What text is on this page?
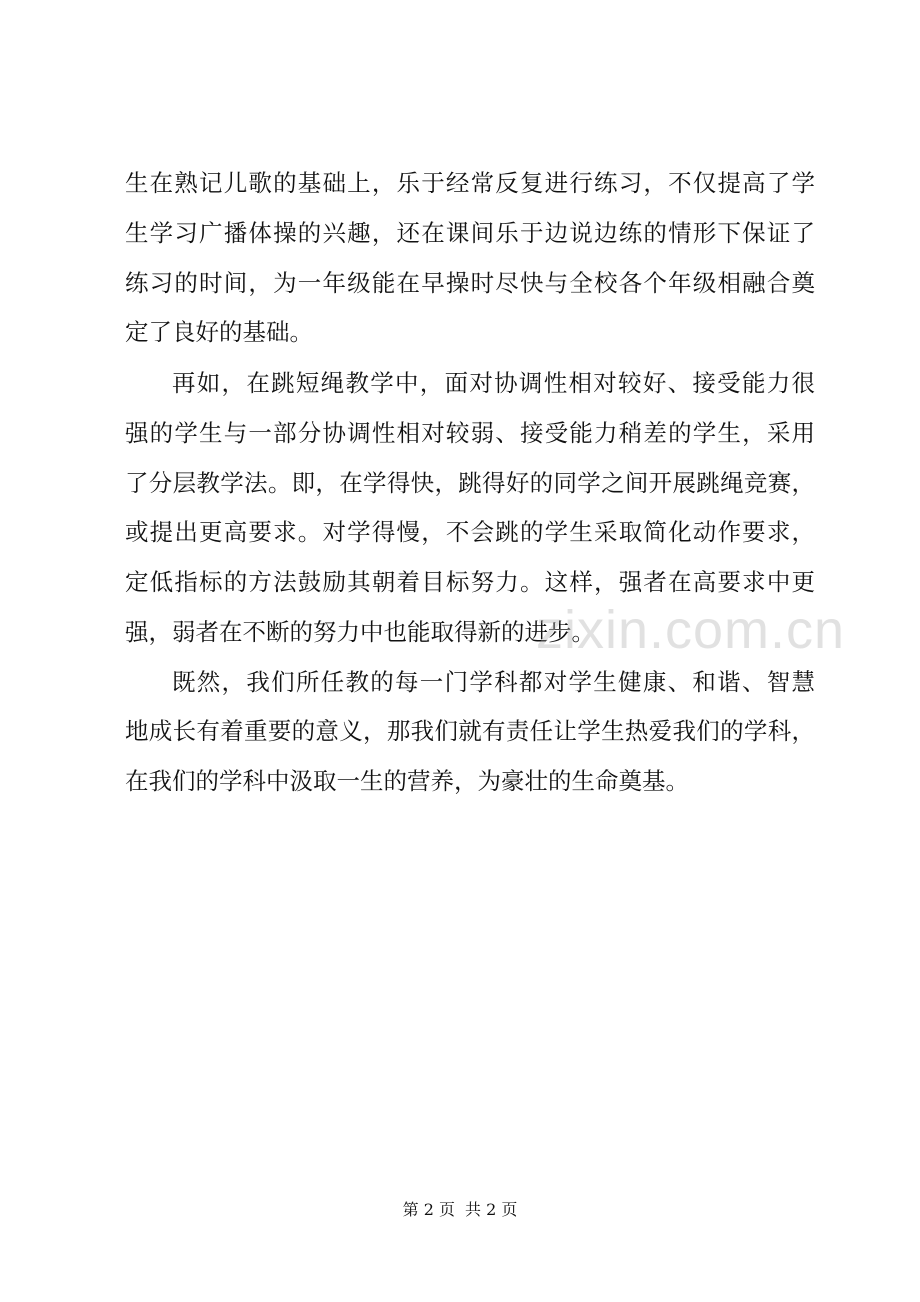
生在熟记儿歌的基础上，乐于经常反复进行练习，不仅提高了学
生学习广播体操的兴趣，还在课间乐于边说边练的情形下保证了
练习的时间，为一年级能在早操时尽快与全校各个年级相融合奠
定了良好的基础。
再如，在跳短绳教学中，面对协调性相对较好、接受能力很
强的学生与一部分协调性相对较弱、接受能力稍差的学生，采用
了分层教学法。即，在学得快，跳得好的同学之间开展跳绳竞赛，
或提出更高要求。对学得慢，不会跳的学生采取简化动作要求，
定低指标的方法鼓励其朝着目标努力。这样，强者在高要求中更
强，弱者在不断的努力中也能取得新的进步。
既然，我们所任教的每一门学科都对学生健康、和谐、智慧
地成长有着重要的意义，那我们就有责任让学生热爱我们的学科，
在我们的学科中汲取一生的营养，为豪壮的生命奠基。
zixin.com.cn
第 2 页 共 2 页
